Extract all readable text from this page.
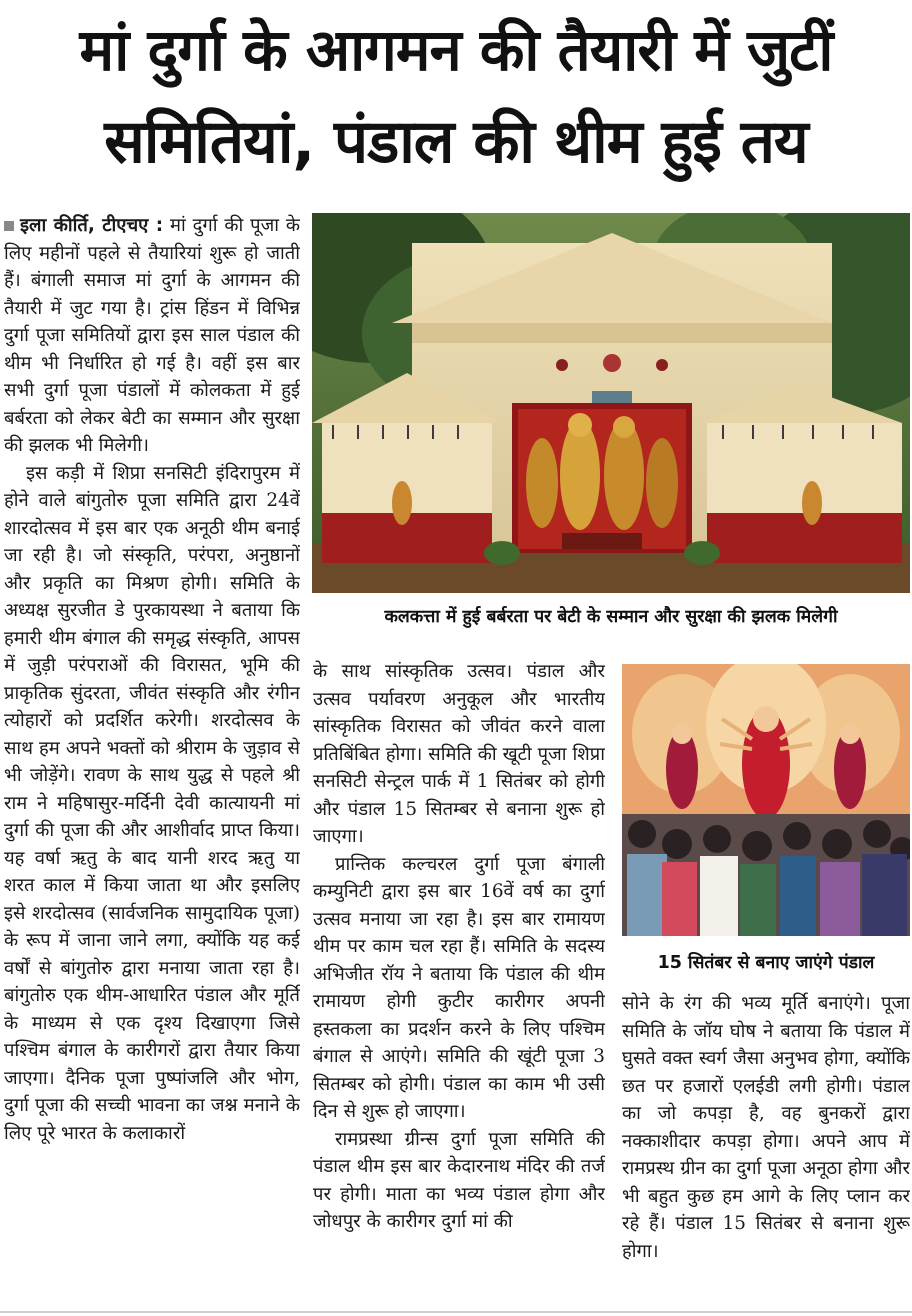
मां दुर्गा के आगमन की तैयारी में जुटीं
समितियां, पंडाल की थीम हुई तय

इला कीर्ति, टीएचए : मां दुर्गा की पूजा के लिए महीनों पहले से तैयारियां शुरू हो जाती हैं। बंगाली समाज मां दुर्गा के आगमन की तैयारी में जुट गया है। ट्रांस हिंडन में विभिन्न दुर्गा पूजा समितियों द्वारा इस साल पंडाल की थीम भी निर्धारित हो गई है। वहीं इस बार सभी दुर्गा पूजा पंडालों में कोलकता में हुई बर्बरता को लेकर बेटी का सम्मान और सुरक्षा की झलक भी मिलेगी।

इस कड़ी में शिप्रा सनसिटी इंदिरापुरम में होने वाले बांगुतोरु पूजा समिति द्वारा 24वें शारदोत्सव में इस बार एक अनूठी थीम बनाई जा रही है। जो संस्कृति, परंपरा, अनुष्ठानों और प्रकृति का मिश्रण होगी। समिति के अध्यक्ष सुरजीत डे पुरकायस्था ने बताया कि हमारी थीम बंगाल की समृद्ध संस्कृति, आपस में जुड़ी परंपराओं की विरासत, भूमि की प्राकृतिक सुंदरता, जीवंत संस्कृति और रंगीन त्योहारों को प्रदर्शित करेगी। शरदोत्सव के साथ हम अपने भक्तों को श्रीराम के जुड़ाव से भी जोड़ेंगे। रावण के साथ युद्ध से पहले श्री राम ने महिषासुर-मर्दिनी देवी कात्यायनी मां दुर्गा की पूजा की और आशीर्वाद प्राप्त किया। यह वर्षा ऋतु के बाद यानी शरद ऋतु या शरत काल में किया जाता था और इसलिए इसे शरदोत्सव (सार्वजनिक सामुदायिक पूजा) के रूप में जाना जाने लगा, क्योंकि यह कई वर्षों से बांगुतोरु द्वारा मनाया जाता रहा है। बांगुतोरु एक थीम-आधारित पंडाल और मूर्ति के माध्यम से एक दृश्य दिखाएगा जिसे पश्चिम बंगाल के कारीगरों द्वारा तैयार किया जाएगा। दैनिक पूजा पुष्पांजलि और भोग, दुर्गा पूजा की सच्ची भावना का जश्न मनाने के लिए पूरे भारत के कलाकारों

कलकत्ता में हुई बर्बरता पर बेटी के सम्मान और सुरक्षा की झलक मिलेगी

के साथ सांस्कृतिक उत्सव। पंडाल और उत्सव पर्यावरण अनुकूल और भारतीय सांस्कृतिक विरासत को जीवंत करने वाला प्रतिबिंबित होगा। समिति की खूटी पूजा शिप्रा सनसिटी सेन्ट्रल पार्क में 1 सितंबर को होगी और पंडाल 15 सितम्बर से बनाना शुरू हो जाएगा।

प्रान्तिक कल्चरल दुर्गा पूजा बंगाली कम्युनिटी द्वारा इस बार 16वें वर्ष का दुर्गा उत्सव मनाया जा रहा है। इस बार रामायण थीम पर काम चल रहा हैं। समिति के सदस्य अभिजीत रॉय ने बताया कि पंडाल की थीम रामायण होगी कुटीर कारीगर अपनी हस्तकला का प्रदर्शन करने के लिए पश्चिम बंगाल से आएंगे। समिति की खूंटी पूजा 3 सितम्बर को होगी। पंडाल का काम भी उसी दिन से शुरू हो जाएगा।

रामप्रस्था ग्रीन्स दुर्गा पूजा समिति की पंडाल थीम इस बार केदारनाथ मंदिर की तर्ज पर होगी। माता का भव्य पंडाल होगा और जोधपुर के कारीगर दुर्गा मां की

15 सितंबर से बनाए जाएंगे पंडाल

सोने के रंग की भव्य मूर्ति बनाएंगे। पूजा समिति के जॉय घोष ने बताया कि पंडाल में घुसते वक्त स्वर्ग जैसा अनुभव होगा, क्योंकि छत पर हजारों एलईडी लगी होगी। पंडाल का जो कपड़ा है, वह बुनकरों द्वारा नक्काशीदार कपड़ा होगा। अपने आप में रामप्रस्थ ग्रीन का दुर्गा पूजा अनूठा होगा और भी बहुत कुछ हम आगे के लिए प्लान कर रहे हैं। पंडाल 15 सितंबर से बनाना शुरू होगा।
